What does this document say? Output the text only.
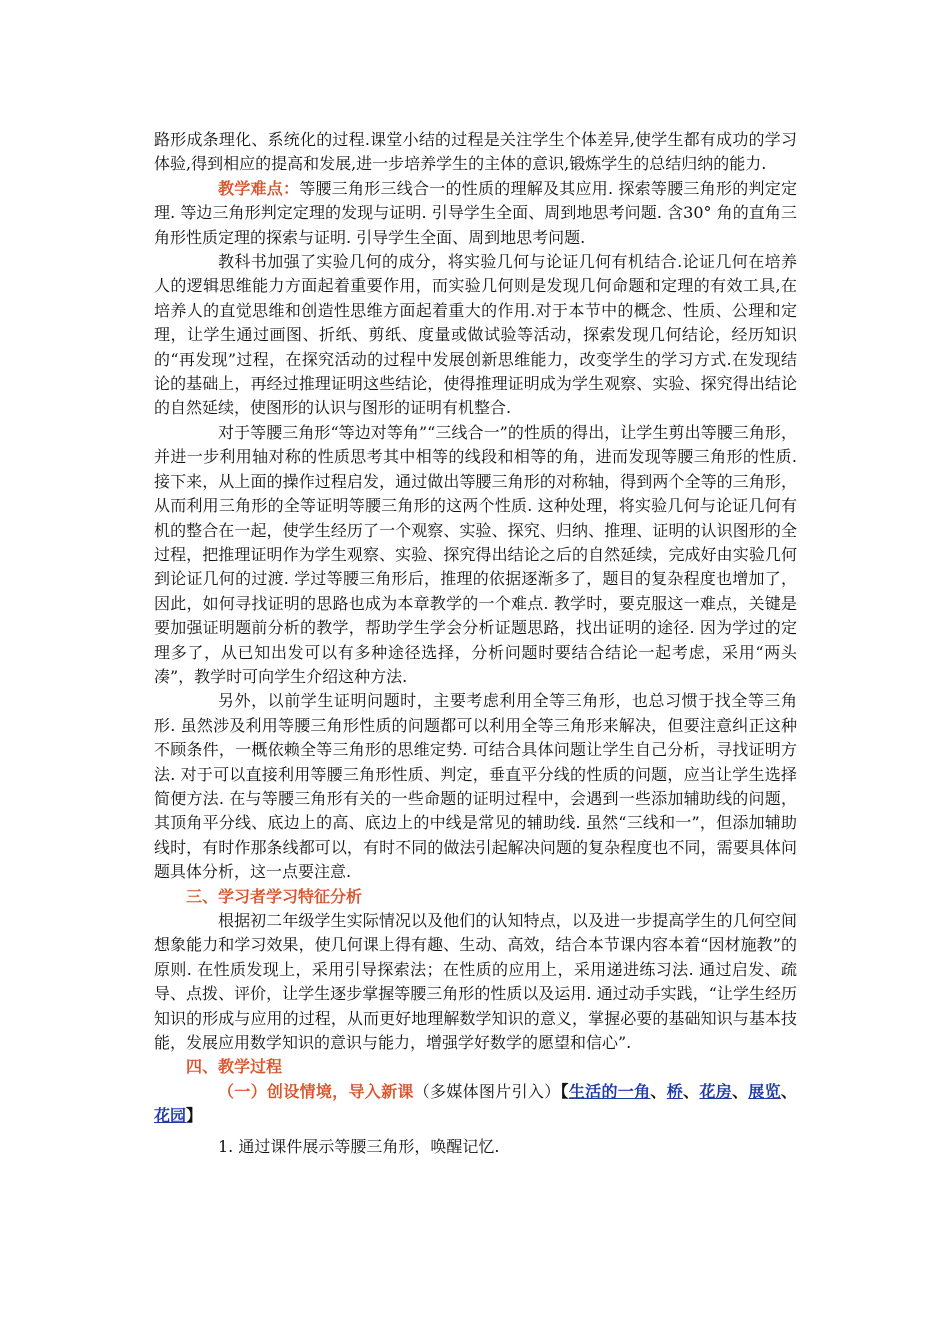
路形成条理化、系统化的过程.课堂小结的过程是关注学生个体差异,使学生都有成功的学习体验,得到相应的提高和发展,进一步培养学生的主体的意识,锻炼学生的总结归纳的能力.

教学难点：等腰三角形三线合一的性质的理解及其应用. 探索等腰三角形的判定定理. 等边三角形判定定理的发现与证明. 引导学生全面、周到地思考问题. 含30° 角的直角三角形性质定理的探索与证明. 引导学生全面、周到地思考问题.

教科书加强了实验几何的成分，将实验几何与论证几何有机结合.论证几何在培养人的逻辑思维能力方面起着重要作用，而实验几何则是发现几何命题和定理的有效工具,在培养人的直觉思维和创造性思维方面起着重大的作用.对于本节中的概念、性质、公理和定理，让学生通过画图、折纸、剪纸、度量或做试验等活动，探索发现几何结论，经历知识的“再发现”过程，在探究活动的过程中发展创新思维能力，改变学生的学习方式.在发现结论的基础上，再经过推理证明这些结论，使得推理证明成为学生观察、实验、探究得出结论的自然延续，使图形的认识与图形的证明有机整合.

对于等腰三角形“等边对等角”“三线合一”的性质的得出，让学生剪出等腰三角形，并进一步利用轴对称的性质思考其中相等的线段和相等的角，进而发现等腰三角形的性质. 接下来，从上面的操作过程启发，通过做出等腰三角形的对称轴，得到两个全等的三角形，从而利用三角形的全等证明等腰三角形的这两个性质. 这种处理，将实验几何与论证几何有机的整合在一起，使学生经历了一个观察、实验、探究、归纳、推理、证明的认识图形的全过程，把推理证明作为学生观察、实验、探究得出结论之后的自然延续，完成好由实验几何到论证几何的过渡. 学过等腰三角形后，推理的依据逐渐多了，题目的复杂程度也增加了，因此，如何寻找证明的思路也成为本章教学的一个难点. 教学时，要克服这一难点，关键是要加强证明题前分析的教学，帮助学生学会分析证题思路，找出证明的途径. 因为学过的定理多了，从已知出发可以有多种途径选择，分析问题时要结合结论一起考虑，采用“两头凑”，教学时可向学生介绍这种方法.

另外，以前学生证明问题时，主要考虑利用全等三角形，也总习惯于找全等三角形. 虽然涉及利用等腰三角形性质的问题都可以利用全等三角形来解决，但要注意纠正这种不顾条件，一概依赖全等三角形的思维定势. 可结合具体问题让学生自己分析，寻找证明方法. 对于可以直接利用等腰三角形性质、判定，垂直平分线的性质的问题，应当让学生选择简便方法. 在与等腰三角形有关的一些命题的证明过程中，会遇到一些添加辅助线的问题，其顶角平分线、底边上的高、底边上的中线是常见的辅助线. 虽然“三线和一”，但添加辅助线时，有时作那条线都可以，有时不同的做法引起解决问题的复杂程度也不同，需要具体问题具体分析，这一点要注意.

三、学习者学习特征分析

根据初二年级学生实际情况以及他们的认知特点，以及进一步提高学生的几何空间想象能力和学习效果，使几何课上得有趣、生动、高效，结合本节课内容本着“因材施教”的原则. 在性质发现上，采用引导探索法；在性质的应用上，采用递进练习法. 通过启发、疏导、点拨、评价，让学生逐步掌握等腰三角形的性质以及运用. 通过动手实践，“让学生经历知识的形成与应用的过程，从而更好地理解数学知识的意义，掌握必要的基础知识与基本技能，发展应用数学知识的意识与能力，增强学好数学的愿望和信心”.

四、教学过程

（一）创设情境，导入新课（多媒体图片引入）【生活的一角、桥、花房、展览、花园】

1. 通过课件展示等腰三角形，唤醒记忆.
